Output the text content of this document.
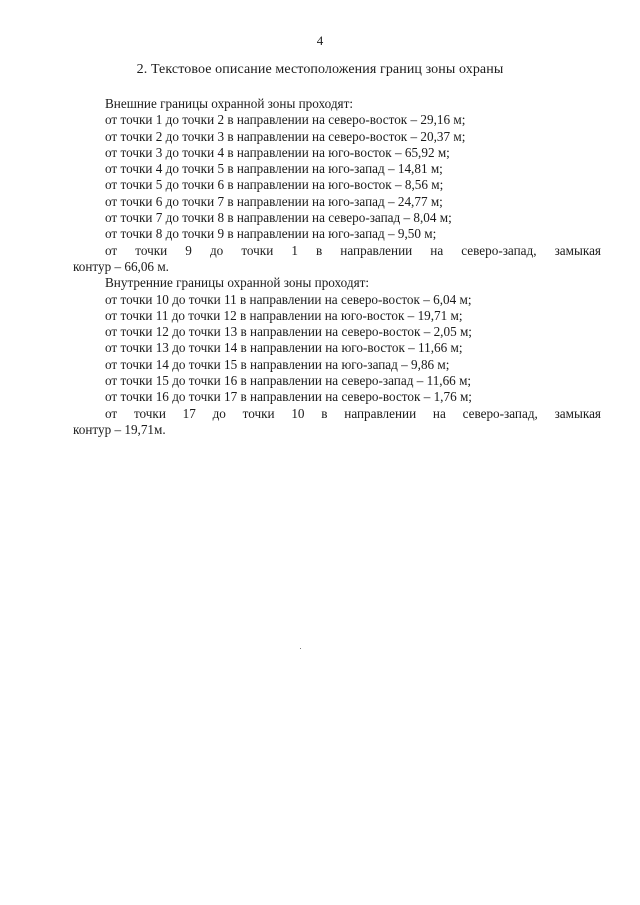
4
2. Текстовое описание местоположения границ зоны охраны
Внешние границы охранной зоны проходят:
от точки 1 до точки 2 в направлении на северо-восток – 29,16 м;
от точки 2 до точки 3 в направлении на северо-восток – 20,37 м;
от точки 3 до точки 4 в направлении на юго-восток – 65,92 м;
от точки 4 до точки 5 в направлении на юго-запад – 14,81 м;
от точки 5 до точки 6 в направлении на юго-восток – 8,56 м;
от точки 6 до точки 7 в направлении на юго-запад – 24,77 м;
от точки 7 до точки 8 в направлении на северо-запад – 8,04 м;
от точки 8 до точки 9 в направлении на юго-запад – 9,50 м;
от точки 9 до точки 1 в направлении на северо-запад, замыкая
контур – 66,06 м.
Внутренние границы охранной зоны проходят:
от точки 10 до точки 11 в направлении на северо-восток – 6,04 м;
от точки 11 до точки 12 в направлении на юго-восток – 19,71 м;
от точки 12 до точки 13 в направлении на северо-восток – 2,05 м;
от точки 13 до точки 14 в направлении на юго-восток – 11,66 м;
от точки 14 до точки 15 в направлении на юго-запад – 9,86 м;
от точки 15 до точки 16 в направлении на северо-запад – 11,66 м;
от точки 16 до точки 17 в направлении на северо-восток – 1,76 м;
от точки 17 до точки 10 в направлении на северо-запад, замыкая
контур – 19,71м.
